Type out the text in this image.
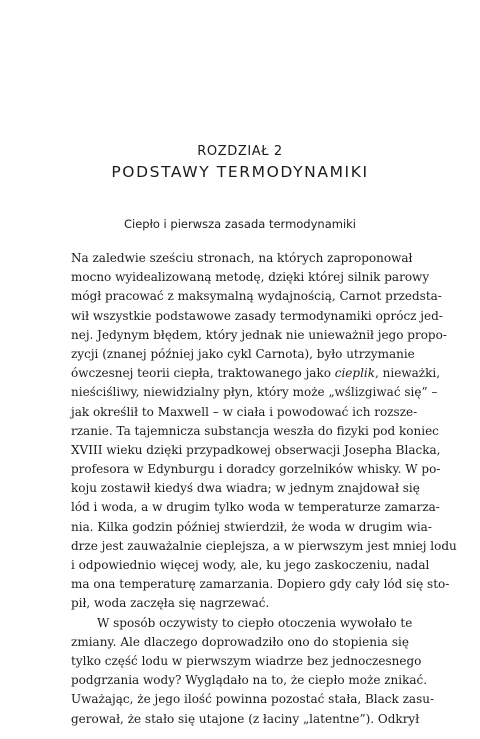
ROZDZIAŁ 2
PODSTAWY TERMODYNAMIKI
Ciepło i pierwsza zasada termodynamiki
Na zaledwie sześciu stronach, na których zaproponował
mocno wyidealizowaną metodę, dzięki której silnik parowy
mógł pracować z maksymalną wydajnością, Carnot przedsta-
wił wszystkie podstawowe zasady termodynamiki oprócz jed-
nej. Jedynym błędem, który jednak nie unieważnił jego propo-
zycji (znanej później jako cykl Carnota), było utrzymanie
ówczesnej teorii ciepła, traktowanego jako cieplik, nieważki,
nieściśliwy, niewidzialny płyn, który może „wślizgiwać się” –
jak określił to Maxwell – w ciała i powodować ich rozsze-
rzanie. Ta tajemnicza substancja weszła do fizyki pod koniec
XVIII wieku dzięki przypadkowej obserwacji Josepha Blacka,
profesora w Edynburgu i doradcy gorzelników whisky. W po-
koju zostawił kiedyś dwa wiadra; w jednym znajdował się
lód i woda, a w drugim tylko woda w temperaturze zamarza-
nia. Kilka godzin później stwierdził, że woda w drugim wia-
drze jest zauważalnie cieplejsza, a w pierwszym jest mniej lodu
i odpowiednio więcej wody, ale, ku jego zaskoczeniu, nadal
ma ona temperaturę zamarzania. Dopiero gdy cały lód się sto-
pił, woda zaczęła się nagrzewać.
W sposób oczywisty to ciepło otoczenia wywołało te
zmiany. Ale dlaczego doprowadziło ono do stopienia się
tylko część lodu w pierwszym wiadrze bez jednoczesnego
podgrzania wody? Wyglądało na to, że ciepło może znikać.
Uważając, że jego ilość powinna pozostać stała, Black zasu-
gerował, że stało się utajone (z łaciny „latentne”). Odkrył
